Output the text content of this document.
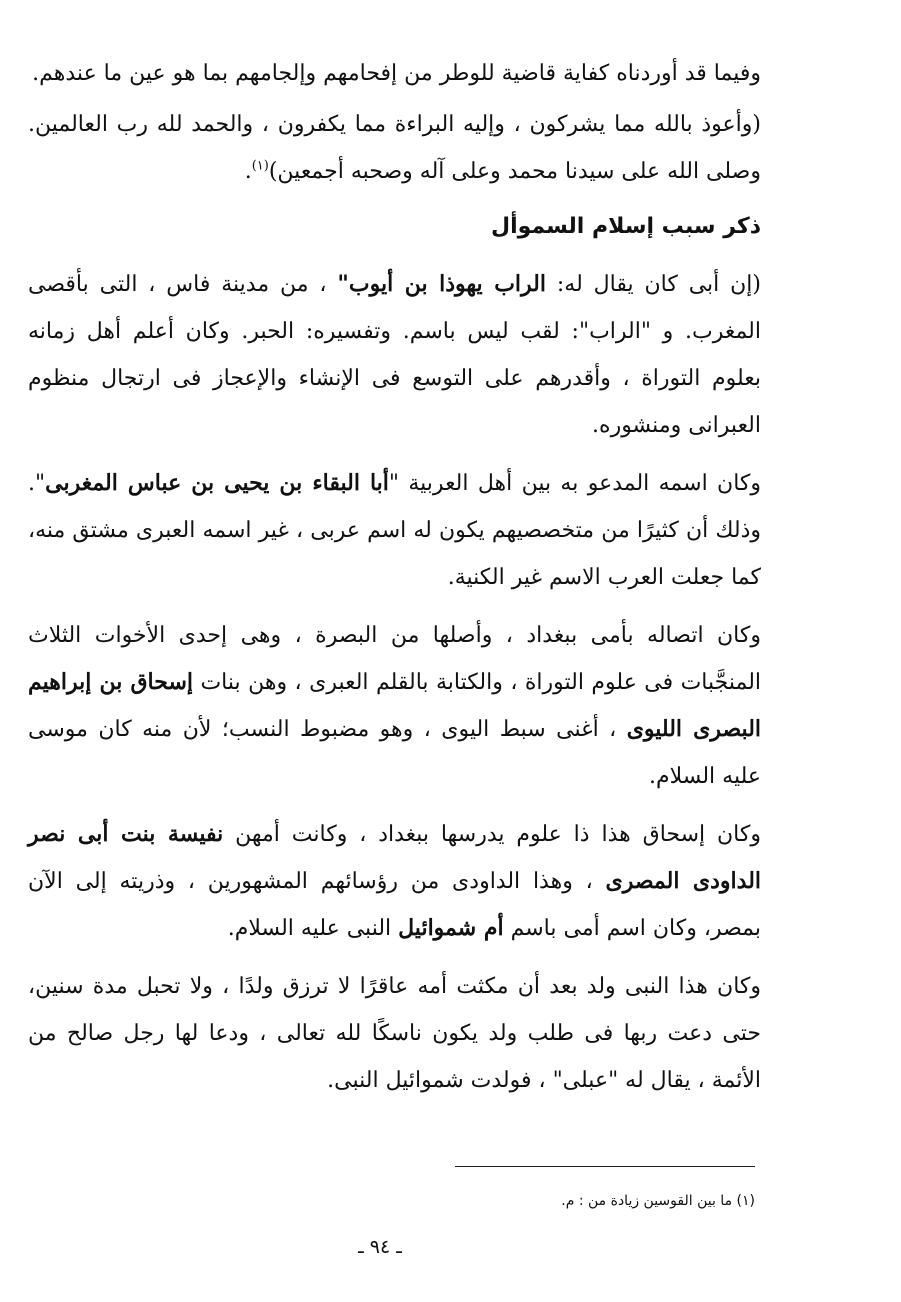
وفيما قد أوردناه كفاية قاضية للوطر من إفحامهم وإلجامهم بما هو عين ما عندهم.

(وأعوذ بالله مما يشركون ، وإليه البراءة مما يكفرون ، والحمد لله رب العالمين. وصلى الله على سيدنا محمد وعلى آله وصحبه أجمعين)$^{(١)}$.

ذكر سبب إسلام السموأل

(إن أبى كان يقال له: الراب يهوذا بن أيوب" ، من مدينة فاس ، التى بأقصى المغرب. و "الراب": لقب ليس باسم. وتفسيره: الحبر. وكان أعلم أهل زمانه بعلوم التوراة ، وأقدرهم على التوسع فى الإنشاء والإعجاز فى ارتجال منظوم العبرانى ومنشوره.

وكان اسمه المدعو به بين أهل العربية "أبا البقاء بن يحيى بن عباس المغربى". وذلك أن كثيرًا من متخصصيهم يكون له اسم عربى ، غير اسمه العبرى مشتق منه، كما جعلت العرب الاسم غير الكنية.

وكان اتصاله بأمى ببغداد ، وأصلها من البصرة ، وهى إحدى الأخوات الثلاث المنجَّبات فى علوم التوراة ، والكتابة بالقلم العبرى ، وهن بنات إسحاق بن إبراهيم البصرى الليوى ، أغنى سبط اليوى ، وهو مضبوط النسب؛ لأن منه كان موسى عليه السلام.

وكان إسحاق هذا ذا علوم يدرسها ببغداد ، وكانت أمهن نفيسة بنت أبى نصر الداودى المصرى ، وهذا الداودى من رؤسائهم المشهورين ، وذريته إلى الآن بمصر، وكان اسم أمى باسم أم شموائيل النبى عليه السلام.

وكان هذا النبى ولد بعد أن مكثت أمه عاقرًا لا ترزق ولدًا ، ولا تحبل مدة سنين، حتى دعت ربها فى طلب ولد يكون ناسكًا لله تعالى ، ودعا لها رجل صالح من الأئمة ، يقال له "عبلى" ، فولدت شموائيل النبى.

(١) ما بين القوسين زيادة من : م.
ـ ٩٤ ـ
